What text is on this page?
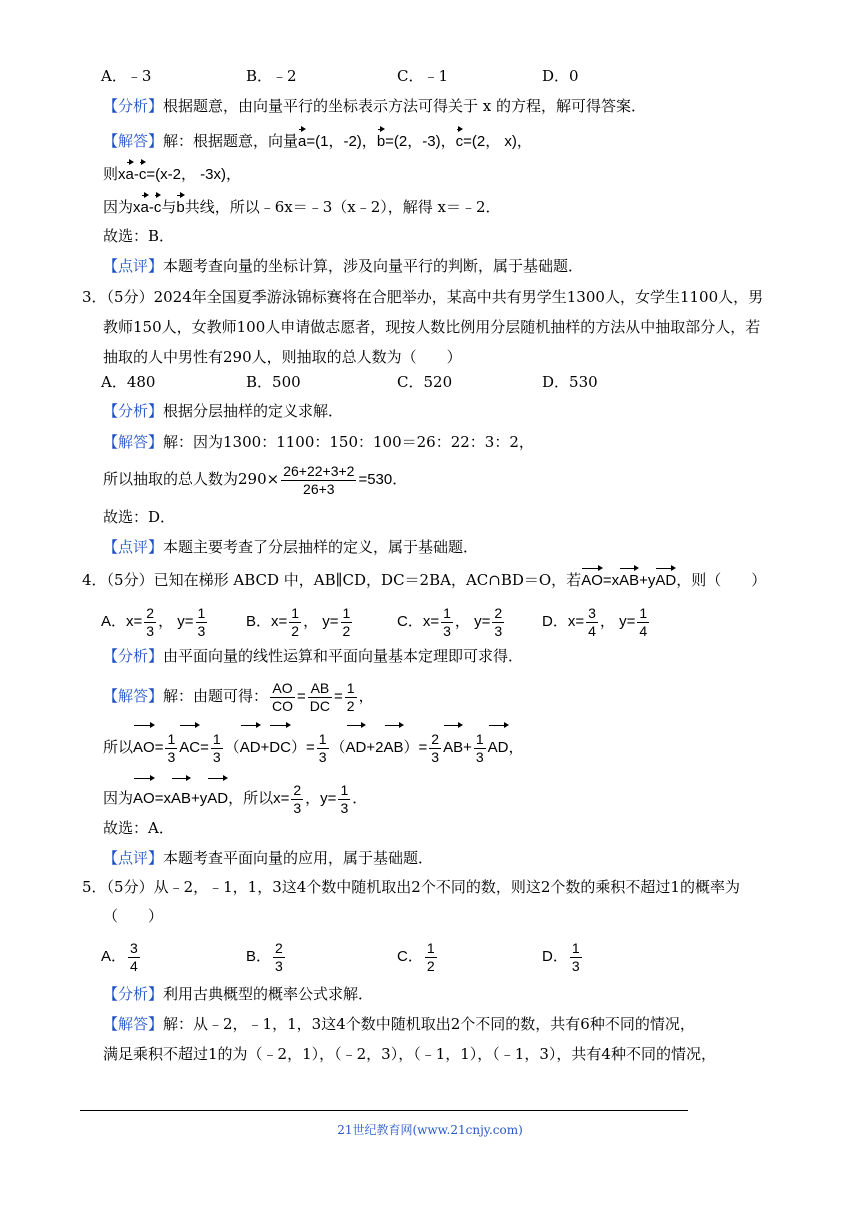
A．﹣3	B．﹣2	C．﹣1	D．0
【分析】根据题意，由向量平行的坐标表示方法可得关于 x 的方程，解可得答案．
【解答】解：根据题意，向量a=(1，-2)，b=(2，-3)，c=(2， x)，
则xa-c=(x-2， -3x)，
因为xa-c与b共线，所以﹣6x＝﹣3（x﹣2），解得 x＝﹣2．
故选：B．
【点评】本题考查向量的坐标计算，涉及向量平行的判断，属于基础题．
3．（5分）2024年全国夏季游泳锦标赛将在合肥举办，某高中共有男学生1300人，女学生1100人，男
教师150人，女教师100人申请做志愿者，现按人数比例用分层随机抽样的方法从中抽取部分人，若
抽取的人中男性有290人，则抽取的总人数为（　　）
A．480	B．500	C．520	D．530
【分析】根据分层抽样的定义求解．
【解答】解：因为1300：1100：150：100＝26：22：3：2，
所以抽取的总人数为$290\times \frac{26+22+3+2}{26+3} =530$．
故选：D．
【点评】本题主要考查了分层抽样的定义，属于基础题．
4．（5分）已知在梯形 ABCD 中，AB∥CD，DC＝2BA，AC∩BD＝O，若AO=xAB+yAD，则（　　）
A．$x= \frac{2}{3}$ ， $y= \frac{1}{3}$	B．$x= \frac{1}{2}$ ， $y= \frac{1}{2}$	C．$x= \frac{1}{3}$ ， $y= \frac{2}{3}$	D．$x= \frac{3}{4}$ ， $y= \frac{1}{4}$
【分析】由平面向量的线性运算和平面向量基本定理即可求得．
【解答】解：由题可得： $\frac{AO}{CO} = \frac{AB}{DC} = \frac{1}{2}$ ，
所以$AO= \frac{1}{3} AC= \frac{1}{3} (AD+DC)= \frac{1}{3} (AD+2AB)= \frac{2}{3} AB+ \frac{1}{3}$ AD，
因为AO=xAB+yAD，所以$x= \frac{2}{3}$ ，$y= \frac{1}{3}$ ．
故选：A．
【点评】本题考查平面向量的应用，属于基础题．
5．（5分）从﹣2，﹣1，1，3这4个数中随机取出2个不同的数，则这2个数的乘积不超过1的概率为
（　　）
A． $\frac{3}{4}$	B． $\frac{2}{3}$	C． $\frac{1}{2}$	D． $\frac{1}{3}$
【分析】利用古典概型的概率公式求解．
【解答】解：从﹣2，﹣1，1，3这4个数中随机取出2个不同的数，共有6种不同的情况，
满足乘积不超过1的为（﹣2，1），（﹣2，3），（﹣1，1），（﹣1，3），共有4种不同的情况，
21世纪教育网(www.21cnjy.com)
